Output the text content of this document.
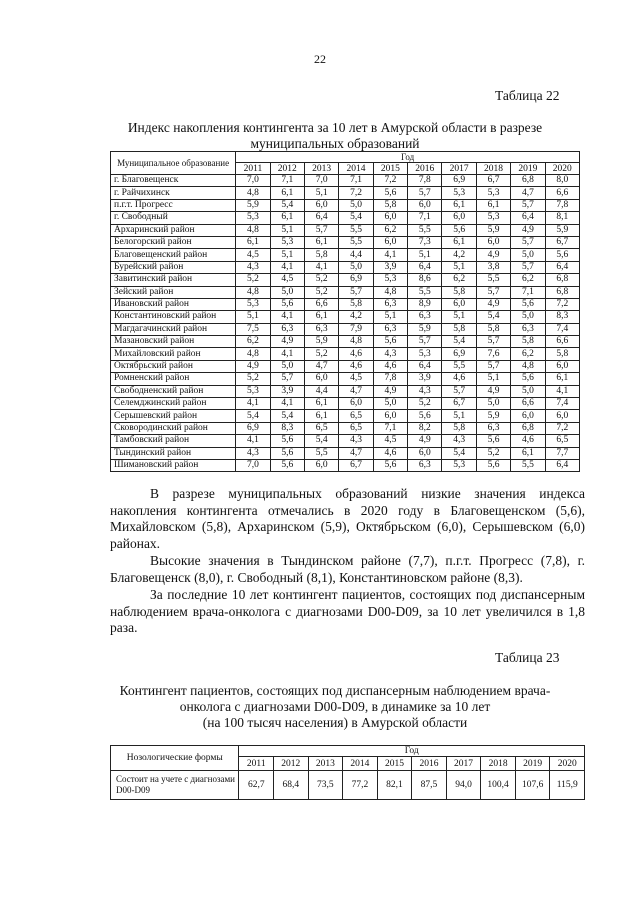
22
Таблица 22
Индекс накопления контингента за 10 лет в Амурской области в разрезе
муниципальных образований
Муниципальное образование	Год									
	2011	2012	2013	2014	2015	2016	2017	2018	2019	2020
г. Благовещенск	7,0	7,1	7,0	7,1	7,2	7,8	6,9	6,7	6,8	8,0
г. Райчихинск	4,8	6,1	5,1	7,2	5,6	5,7	5,3	5,3	4,7	6,6
п.г.т. Прогресс	5,9	5,4	6,0	5,0	5,8	6,0	6,1	6,1	5,7	7,8
г. Свободный	5,3	6,1	6,4	5,4	6,0	7,1	6,0	5,3	6,4	8,1
Архаринский район	4,8	5,1	5,7	5,5	6,2	5,5	5,6	5,9	4,9	5,9
Белогорский район	6,1	5,3	6,1	5,5	6,0	7,3	6,1	6,0	5,7	6,7
Благовещенский район	4,5	5,1	5,8	4,4	4,1	5,1	4,2	4,9	5,0	5,6
Бурейский район	4,3	4,1	4,1	5,0	3,9	6,4	5,1	3,8	5,7	6,4
Завитинский район	5,2	4,5	5,2	6,9	5,3	8,6	6,2	5,5	6,2	6,8
Зейский район	4,8	5,0	5,2	5,7	4,8	5,5	5,8	5,7	7,1	6,8
Ивановский район	5,3	5,6	6,6	5,8	6,3	8,9	6,0	4,9	5,6	7,2
Константиновский район	5,1	4,1	6,1	4,2	5,1	6,3	5,1	5,4	5,0	8,3
Магдагачинский район	7,5	6,3	6,3	7,9	6,3	5,9	5,8	5,8	6,3	7,4
Мазановский район	6,2	4,9	5,9	4,8	5,6	5,7	5,4	5,7	5,8	6,6
Михайловский район	4,8	4,1	5,2	4,6	4,3	5,3	6,9	7,6	6,2	5,8
Октябрьский район	4,9	5,0	4,7	4,6	4,6	6,4	5,5	5,7	4,8	6,0
Ромненский район	5,2	5,7	6,0	4,5	7,8	3,9	4,6	5,1	5,6	6,1
Свободненский район	5,3	3,9	4,4	4,7	4,9	4,3	5,7	4,9	5,0	4,1
Селемджинский район	4,1	4,1	6,1	6,0	5,0	5,2	6,7	5,0	6,6	7,4
Серышевский район	5,4	5,4	6,1	6,5	6,0	5,6	5,1	5,9	6,0	6,0
Сковородинский район	6,9	8,3	6,5	6,5	7,1	8,2	5,8	6,3	6,8	7,2
Тамбовский район	4,1	5,6	5,4	4,3	4,5	4,9	4,3	5,6	4,6	6,5
Тындинский район	4,3	5,6	5,5	4,7	4,6	6,0	5,4	5,2	6,1	7,7
Шимановский район	7,0	5,6	6,0	6,7	5,6	6,3	5,3	5,6	5,5	6,4
В разрезе муниципальных образований низкие значения индекса накопления контингента отмечались в 2020 году в Благовещенском (5,6), Михайловском (5,8), Архаринском (5,9), Октябрьском (6,0), Серышевском (6,0) районах.
Высокие значения в Тындинском районе (7,7), п.г.т. Прогресс (7,8), г. Благовещенск (8,0), г. Свободный (8,1), Константиновском районе (8,3).
За последние 10 лет контингент пациентов, состоящих под диспансерным наблюдением врача-онколога с диагнозами D00-D09, за 10 лет увеличился в 1,8 раза.
Таблица 23
Контингент пациентов, состоящих под диспансерным наблюдением врача-
онколога с диагнозами D00-D09, в динамике за 10 лет
(на 100 тысяч населения) в Амурской области
Нозологические формы	Год									
	2011	2012	2013	2014	2015	2016	2017	2018	2019	2020
Состоит на учете с диагнозами D00-D09	62,7	68,4	73,5	77,2	82,1	87,5	94,0	100,4	107,6	115,9
